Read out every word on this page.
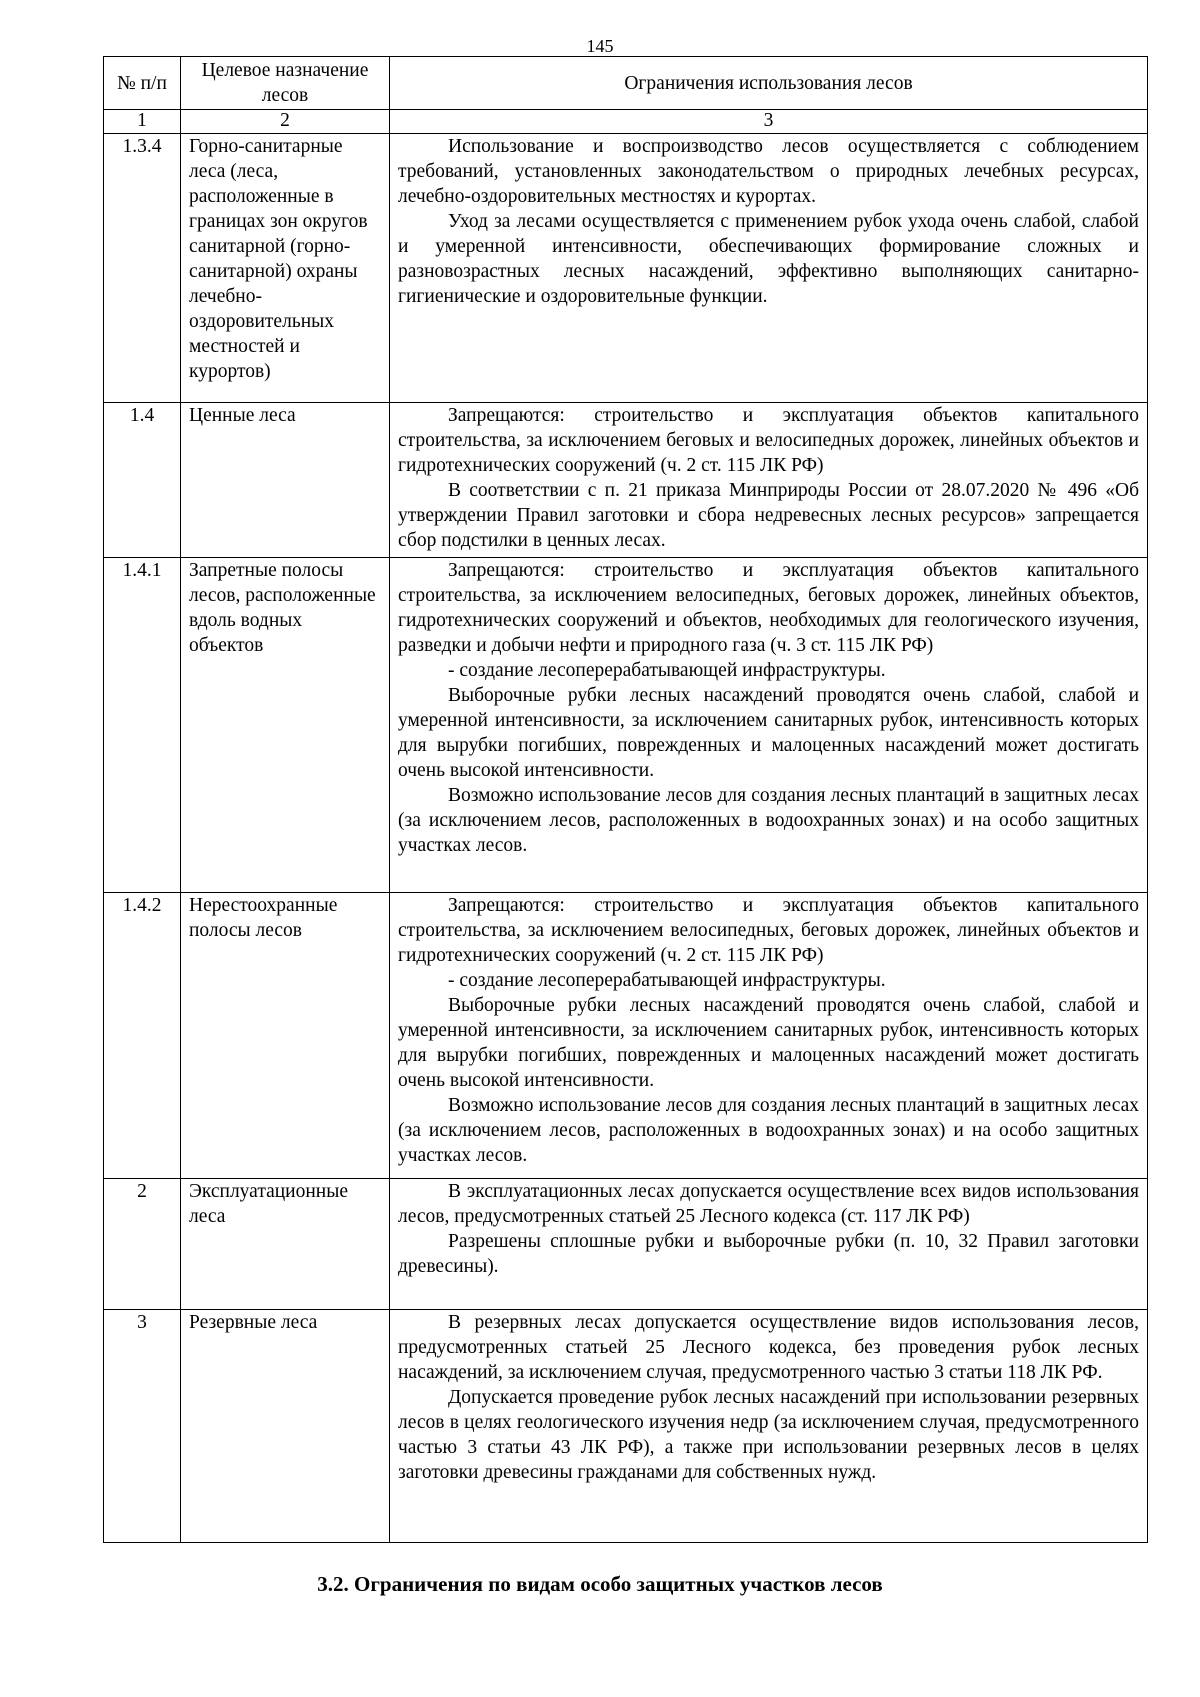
145
№ п/п	Целевое назначение лесов	Ограничения использования лесов
1	2	3
1.3.4	Горно-санитарные леса (леса, расположенные в границах зон округов санитарной (горно-санитарной) охраны лечебно-оздоровительных местностей и курортов)	Использование и воспроизводство лесов осуществляется с соблюдением требований, установленных законодательством о природных лечебных ресурсах, лечебно-оздоровительных местностях и курортах.

Уход за лесами осуществляется с применением рубок ухода очень слабой, слабой и умеренной интенсивности, обеспечивающих формирование сложных и разновозрастных лесных насаждений, эффективно выполняющих санитарно-гигиенические и оздоровительные функции.

1.4	Ценные леса	Запрещаются: строительство и эксплуатация объектов капитального строительства, за исключением беговых и велосипедных дорожек, линейных объектов и гидротехнических сооружений (ч. 2 ст. 115 ЛК РФ)

В соответствии с п. 21 приказа Минприроды России от 28.07.2020 № 496 «Об утверждении Правил заготовки и сбора недревесных лесных ресурсов» запрещается сбор подстилки в ценных лесах.

1.4.1	Запретные полосы лесов, расположенные вдоль водных объектов	Запрещаются: строительство и эксплуатация объектов капитального строительства, за исключением велосипедных, беговых дорожек, линейных объектов, гидротехнических сооружений и объектов, необходимых для геологического изучения, разведки и добычи нефти и природного газа (ч. 3 ст. 115 ЛК РФ)

- создание лесоперерабатывающей инфраструктуры.

Выборочные рубки лесных насаждений проводятся очень слабой, слабой и умеренной интенсивности, за исключением санитарных рубок, интенсивность которых для вырубки погибших, поврежденных и малоценных насаждений может достигать очень высокой интенсивности.

Возможно использование лесов для создания лесных плантаций в защитных лесах (за исключением лесов, расположенных в водоохранных зонах) и на особо защитных участках лесов.

1.4.2	Нерестоохранные полосы лесов	Запрещаются: строительство и эксплуатация объектов капитального строительства, за исключением велосипедных, беговых дорожек, линейных объектов и гидротехнических сооружений (ч. 2 ст. 115 ЛК РФ)

- создание лесоперерабатывающей инфраструктуры.

Выборочные рубки лесных насаждений проводятся очень слабой, слабой и умеренной интенсивности, за исключением санитарных рубок, интенсивность которых для вырубки погибших, поврежденных и малоценных насаждений может достигать очень высокой интенсивности.

Возможно использование лесов для создания лесных плантаций в защитных лесах (за исключением лесов, расположенных в водоохранных зонах) и на особо защитных участках лесов.

2	Эксплуатационные леса	В эксплуатационных лесах допускается осуществление всех видов использования лесов, предусмотренных статьей 25 Лесного кодекса (ст. 117 ЛК РФ)

Разрешены сплошные рубки и выборочные рубки (п. 10, 32 Правил заготовки древесины).

3	Резервные леса	В резервных лесах допускается осуществление видов использования лесов, предусмотренных статьей 25 Лесного кодекса, без проведения рубок лесных насаждений, за исключением случая, предусмотренного частью 3 статьи 118 ЛК РФ.

Допускается проведение рубок лесных насаждений при использовании резервных лесов в целях геологического изучения недр (за исключением случая, предусмотренного частью 3 статьи 43 ЛК РФ), а также при использовании резервных лесов в целях заготовки древесины гражданами для собственных нужд.

3.2. Ограничения по видам особо защитных участков лесов
